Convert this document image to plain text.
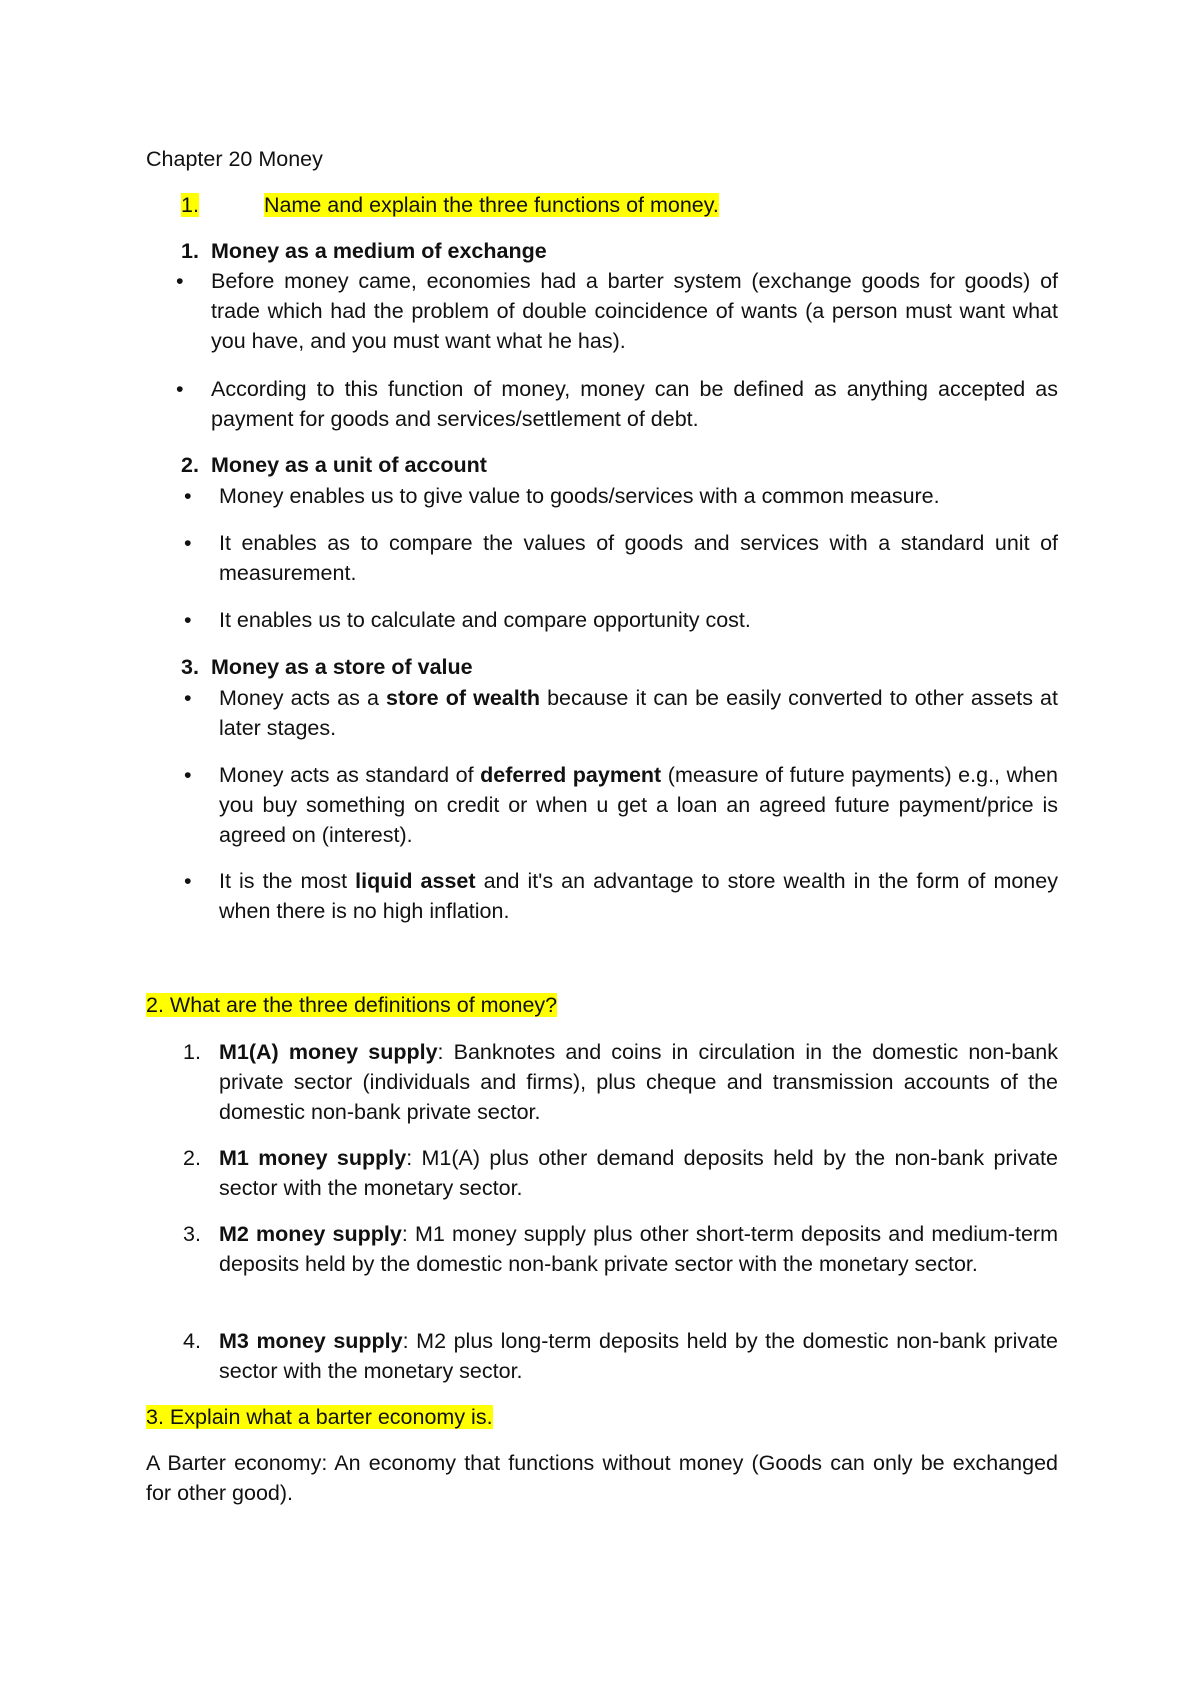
Chapter 20 Money
1.	Name and explain the three functions of money.
1. Money as a medium of exchange
• Before money came, economies had a barter system (exchange goods for goods) of trade which had the problem of double coincidence of wants (a person must want what you have, and you must want what he has).
• According to this function of money, money can be defined as anything accepted as payment for goods and services/settlement of debt.
2. Money as a unit of account
• Money enables us to give value to goods/services with a common measure.
• It enables as to compare the values of goods and services with a standard unit of measurement.
• It enables us to calculate and compare opportunity cost.
3. Money as a store of value
• Money acts as a store of wealth because it can be easily converted to other assets at later stages.
• Money acts as standard of deferred payment (measure of future payments) e.g., when you buy something on credit or when u get a loan an agreed future payment/price is agreed on (interest).
• It is the most liquid asset and it's an advantage to store wealth in the form of money when there is no high inflation.
2. What are the three definitions of money?
1. M1(A) money supply: Banknotes and coins in circulation in the domestic non-bank private sector (individuals and firms), plus cheque and transmission accounts of the domestic non-bank private sector.
2. M1 money supply: M1(A) plus other demand deposits held by the non-bank private sector with the monetary sector.
3. M2 money supply: M1 money supply plus other short-term deposits and medium-term deposits held by the domestic non-bank private sector with the monetary sector.
4. M3 money supply: M2 plus long-term deposits held by the domestic non-bank private sector with the monetary sector.
3. Explain what a barter economy is.
A Barter economy: An economy that functions without money (Goods can only be exchanged for other good).
